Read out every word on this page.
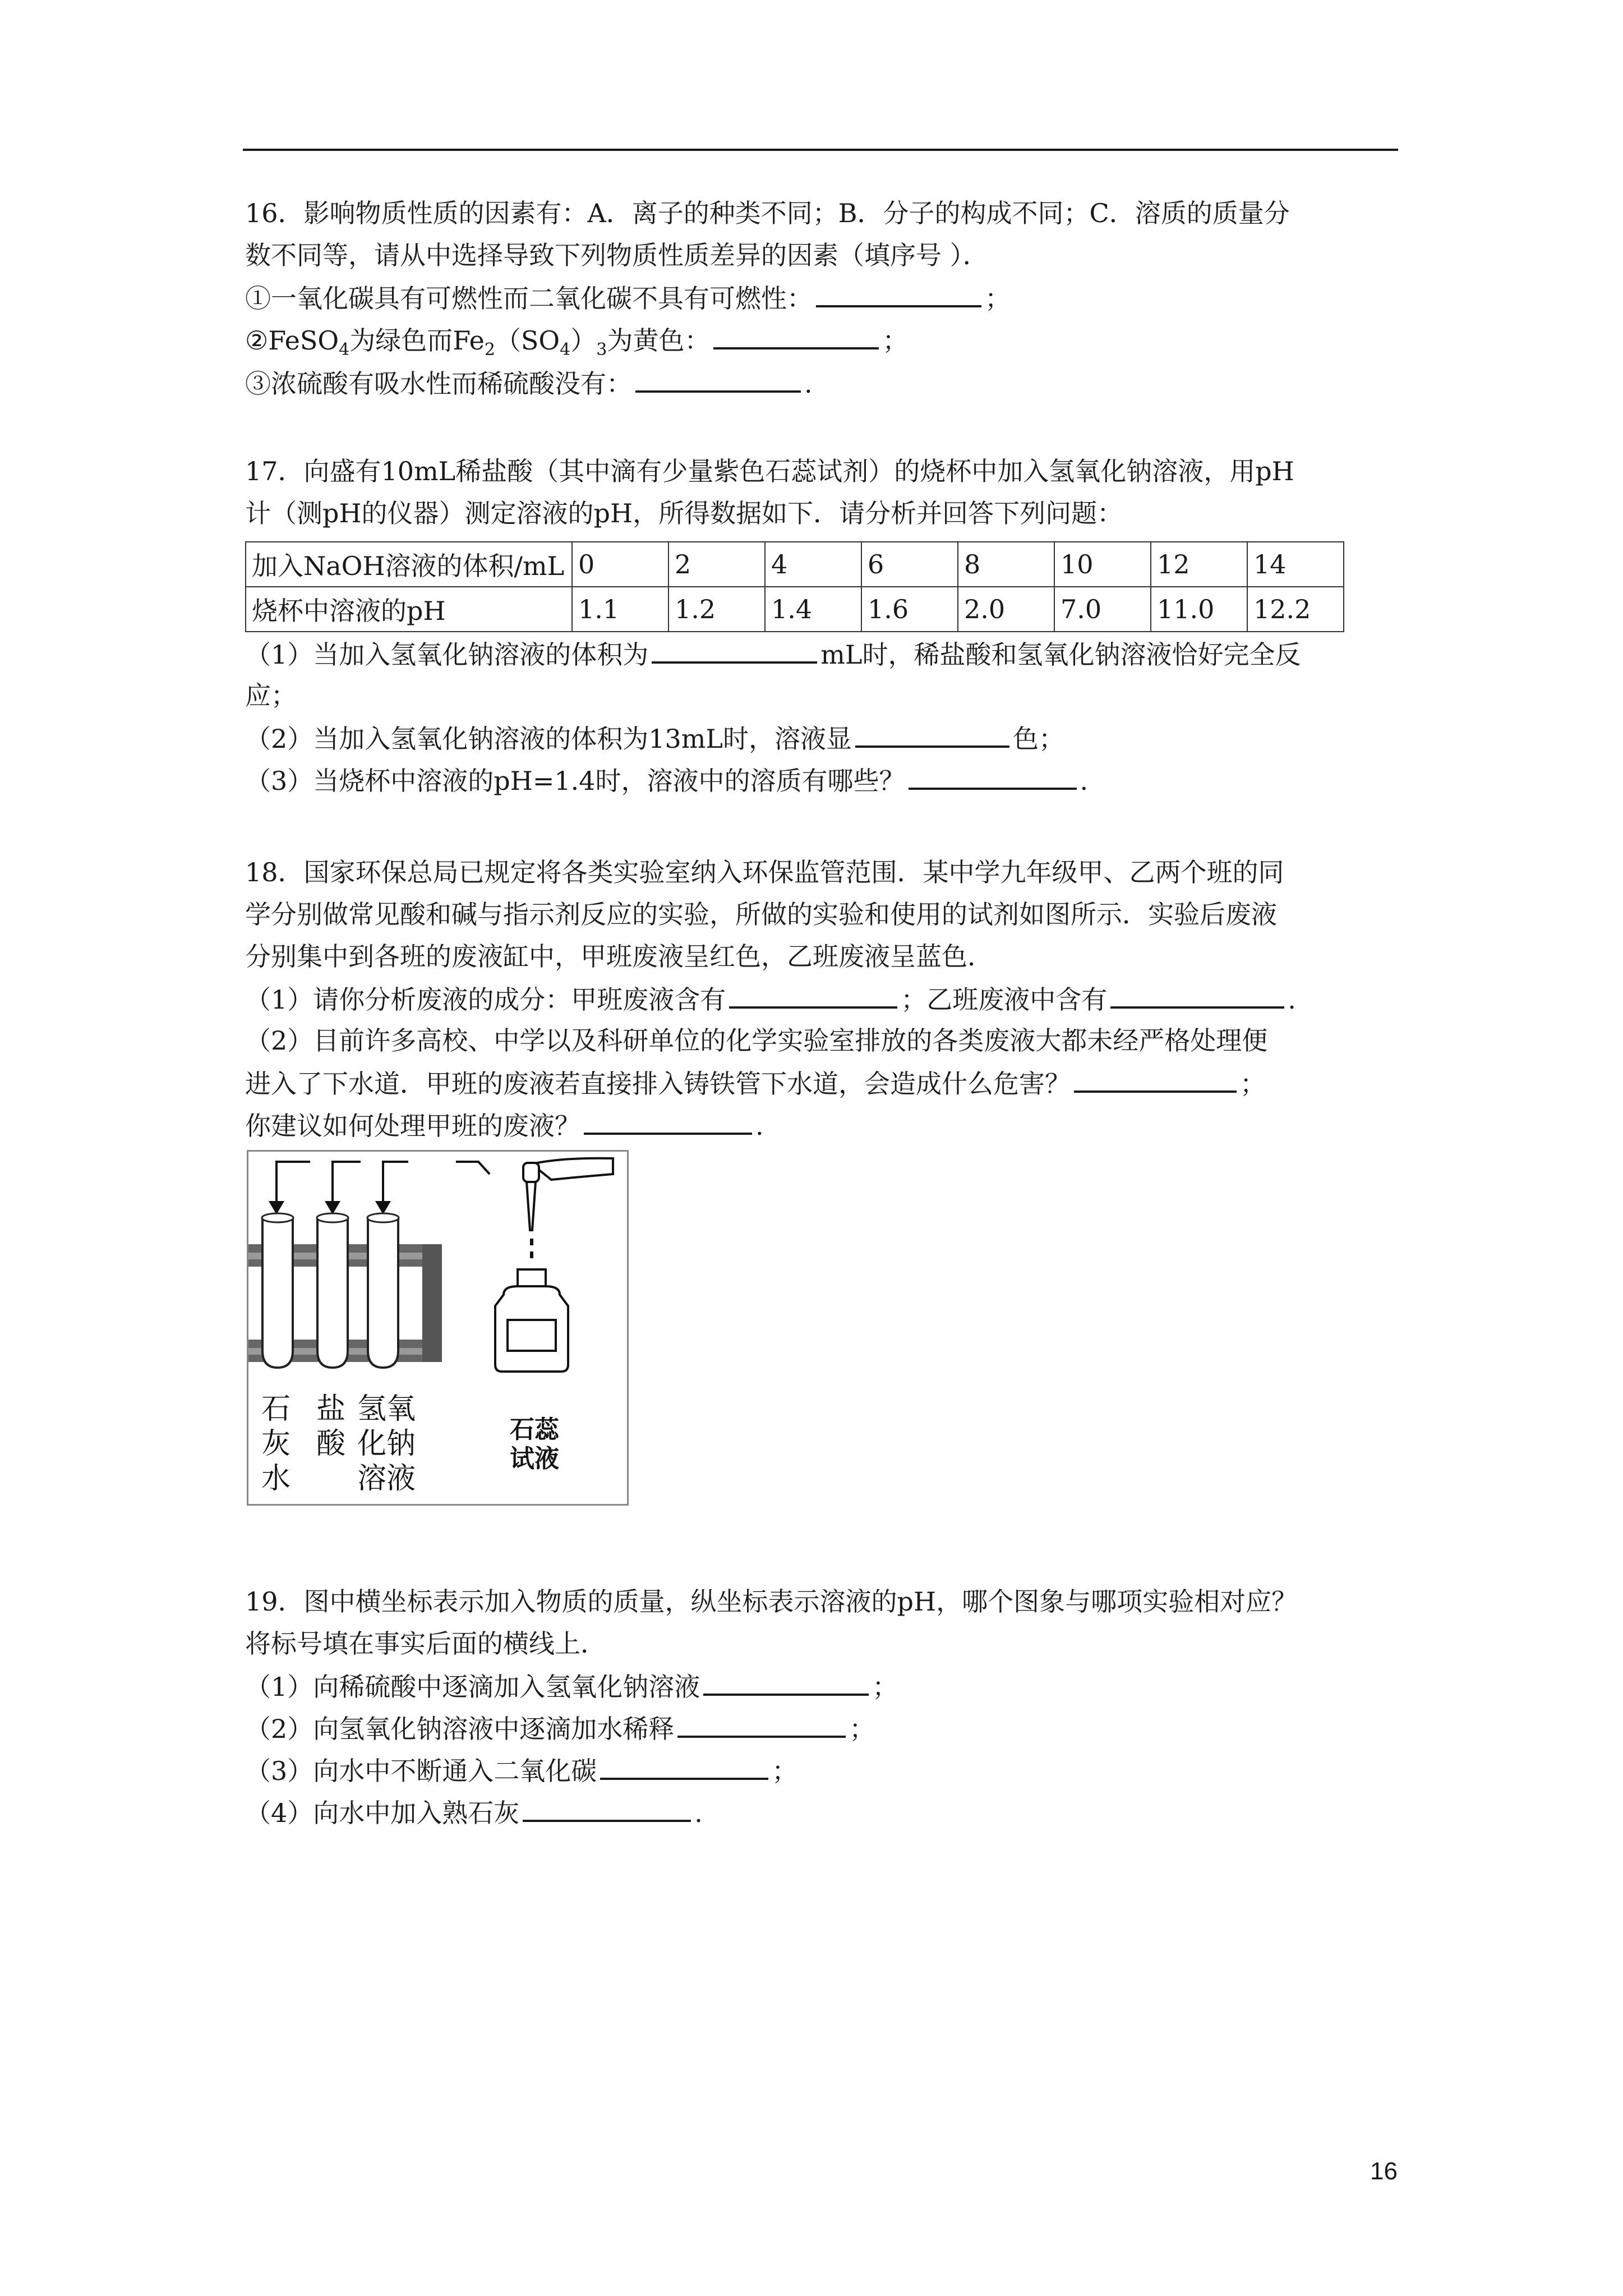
16．影响物质性质的因素有：A．离子的种类不同；B．分子的构成不同；C．溶质的质量分
数不同等，请从中选择导致下列物质性质差异的因素（填序号 ）．
①一氧化碳具有可燃性而二氧化碳不具有可燃性：	；
②FeSO$_4$为绿色而$Fe_2(SO_4)_3$为黄色：	；
③浓硫酸有吸水性而稀硫酸没有：	.
17．向盛有10mL稀盐酸（其中滴有少量紫色石蕊试剂）的烧杯中加入氢氧化钠溶液，用pH
计（测pH的仪器）测定溶液的pH，所得数据如下．请分析并回答下列问题：
加入NaOH溶液的体积/mL	0	2	4	6	8	10	12	14
烧杯中溶液的pH	1.1	1.2	1.4	1.6	2.0	7.0	11.0	12.2
（1）当加入氢氧化钠溶液的体积为	mL时，稀盐酸和氢氧化钠溶液恰好完全反
应；
（2）当加入氢氧化钠溶液的体积为13mL时，溶液显	色；
（3）当烧杯中溶液的pH=1.4时，溶液中的溶质有哪些？	.
18．国家环保总局已规定将各类实验室纳入环保监管范围．某中学九年级甲、乙两个班的同
学分别做常见酸和碱与指示剂反应的实验，所做的实验和使用的试剂如图所示．实验后废液
分别集中到各班的废液缸中，甲班废液呈红色，乙班废液呈蓝色．
（1）请你分析废液的成分：甲班废液含有	；乙班废液中含有	.
（2）目前许多高校、中学以及科研单位的化学实验室排放的各类废液大都未经严格处理便
进入了下水道．甲班的废液若直接排入铸铁管下水道，会造成什么危害？	；
你建议如何处理甲班的废液？	.
石
灰
水
盐
酸
氢氧
化钠
溶液
石蕊
试液
19．图中横坐标表示加入物质的质量，纵坐标表示溶液的pH，哪个图象与哪项实验相对应？
将标号填在事实后面的横线上．
（1）向稀硫酸中逐滴加入氢氧化钠溶液	；
（2）向氢氧化钠溶液中逐滴加水稀释	；
（3）向水中不断通入二氧化碳	；
（4）向水中加入熟石灰	.
16
